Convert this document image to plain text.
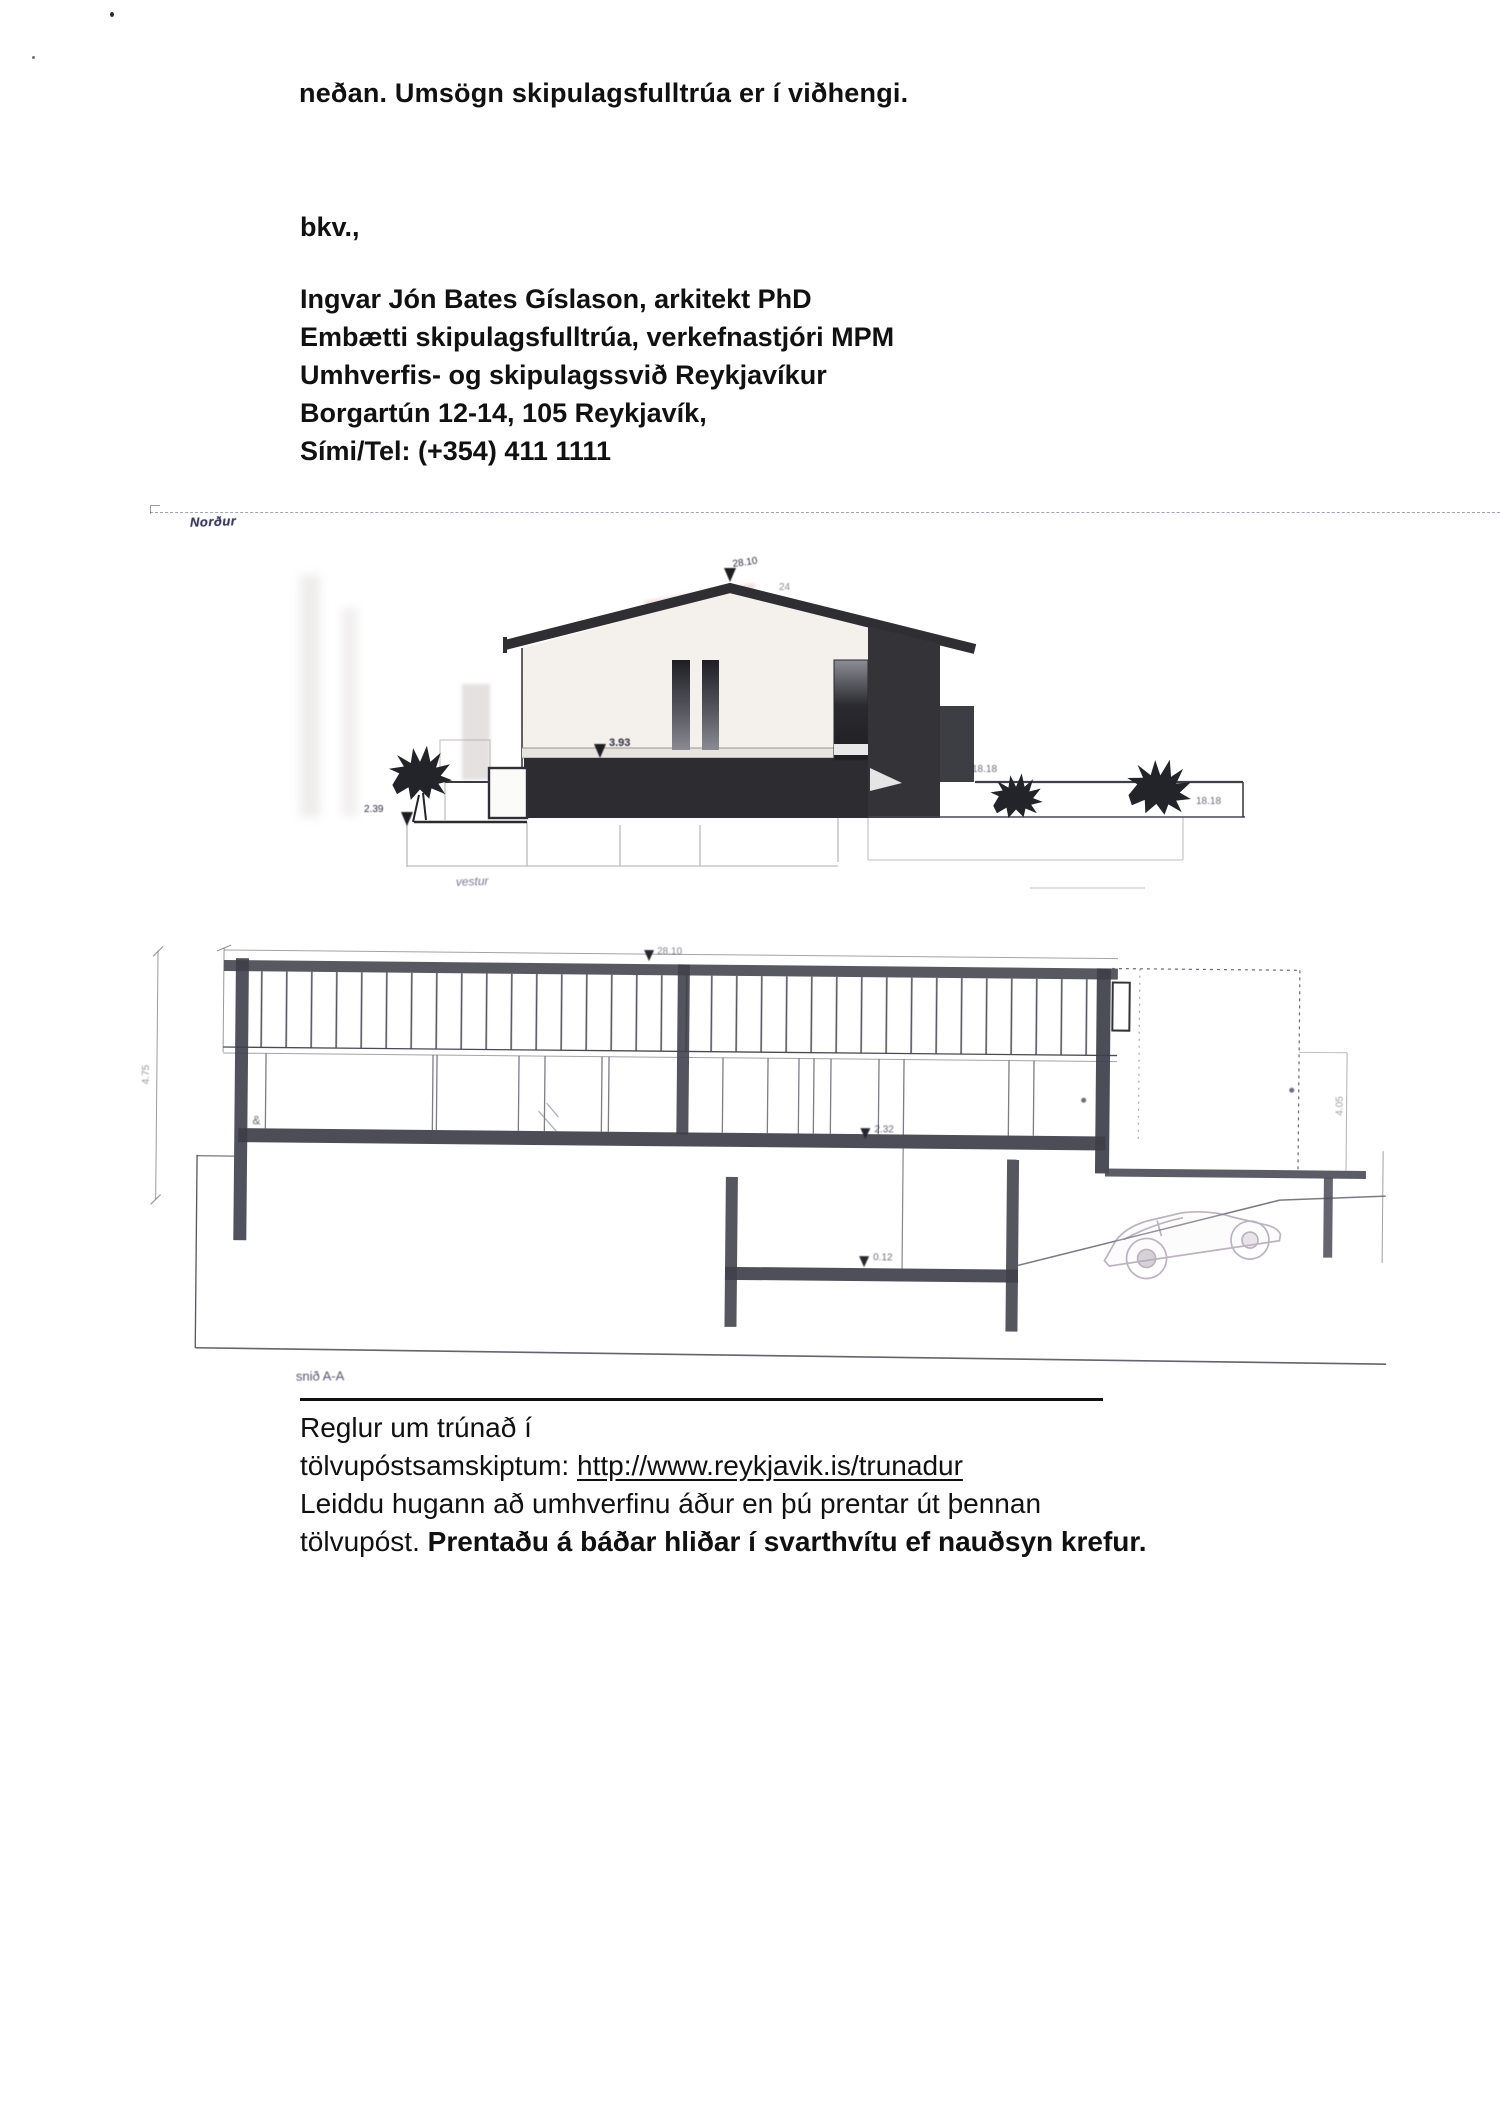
neðan. Umsögn skipulagsfulltrúa er í viðhengi.
bkv.,
Ingvar Jón Bates Gíslason, arkitekt PhD
Embætti skipulagsfulltrúa, verkefnastjóri MPM
Umhverfis- og skipulagssvið Reykjavíkur
Borgartún 12-14, 105 Reykjavík,
Sími/Tel: (+354) 411 1111
Norður
28.10
24
3.93
2.39
18.18
18.18
vestur
4.75
4.05
28.10
2.32
0.12
&
snið A-A
Reglur um trúnað í
tölvupóstsamskiptum: http://www.reykjavik.is/trunadur
Leiddu hugann að umhverfinu áður en þú prentar út þennan
tölvupóst. Prentaðu á báðar hliðar í svarthvítu ef nauðsyn krefur.
